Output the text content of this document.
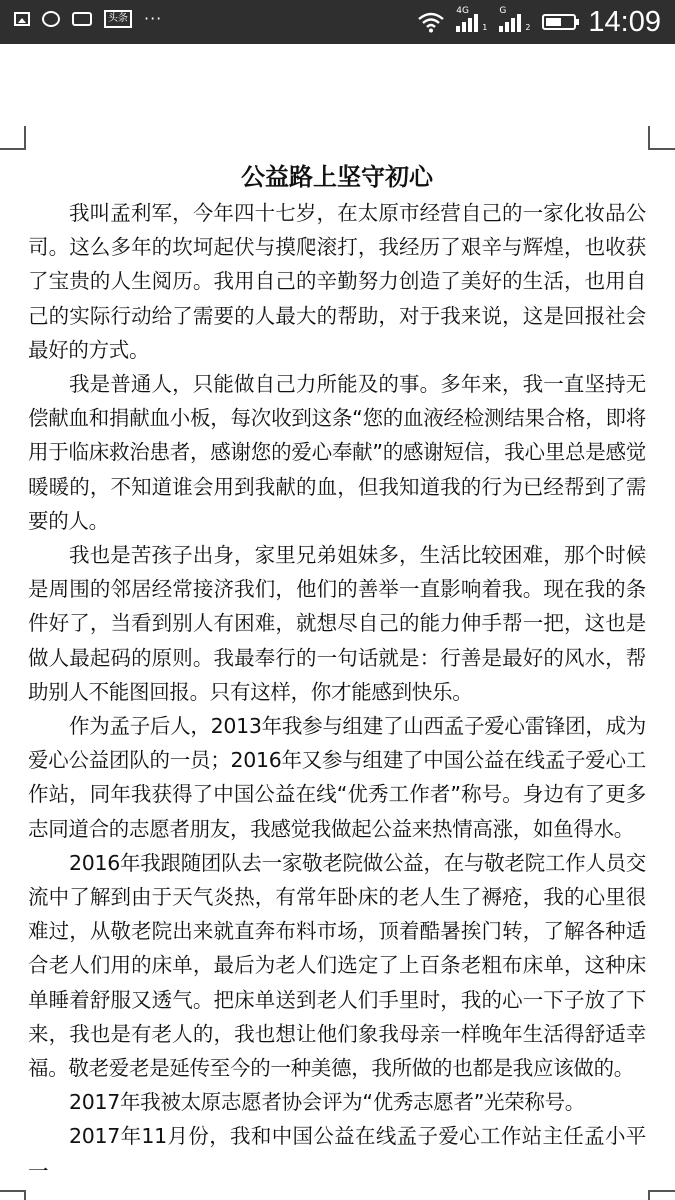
头条 ···	4G
1
G
2 14:09
公益路上坚守初心

我叫孟利军，今年四十七岁，在太原市经营自己的一家化妆品公司。这么多年的坎坷起伏与摸爬滚打，我经历了艰辛与辉煌，也收获了宝贵的人生阅历。我用自己的辛勤努力创造了美好的生活，也用自己的实际行动给了需要的人最大的帮助，对于我来说，这是回报社会最好的方式。

我是普通人，只能做自己力所能及的事。多年来，我一直坚持无偿献血和捐献血小板，每次收到这条“您的血液经检测结果合格，即将用于临床救治患者，感谢您的爱心奉献”的感谢短信，我心里总是感觉暖暖的，不知道谁会用到我献的血，但我知道我的行为已经帮到了需要的人。

我也是苦孩子出身，家里兄弟姐妹多，生活比较困难，那个时候是周围的邻居经常接济我们，他们的善举一直影响着我。现在我的条件好了，当看到别人有困难，就想尽自己的能力伸手帮一把，这也是做人最起码的原则。我最奉行的一句话就是：行善是最好的风水，帮助别人不能图回报。只有这样，你才能感到快乐。

作为孟子后人，2013年我参与组建了山西孟子爱心雷锋团，成为爱心公益团队的一员；2016年又参与组建了中国公益在线孟子爱心工作站，同年我获得了中国公益在线“优秀工作者”称号。身边有了更多志同道合的志愿者朋友，我感觉我做起公益来热情高涨，如鱼得水。

2016年我跟随团队去一家敬老院做公益，在与敬老院工作人员交流中了解到由于天气炎热，有常年卧床的老人生了褥疮，我的心里很难过，从敬老院出来就直奔布料市场，顶着酷暑挨门转，了解各种适合老人们用的床单，最后为老人们选定了上百条老粗布床单，这种床单睡着舒服又透气。把床单送到老人们手里时，我的心一下子放了下来，我也是有老人的，我也想让他们象我母亲一样晚年生活得舒适幸福。敬老爱老是延传至今的一种美德，我所做的也都是我应该做的。

2017年我被太原志愿者协会评为“优秀志愿者”光荣称号。

2017年11月份，我和中国公益在线孟子爱心工作站主任孟小平一
